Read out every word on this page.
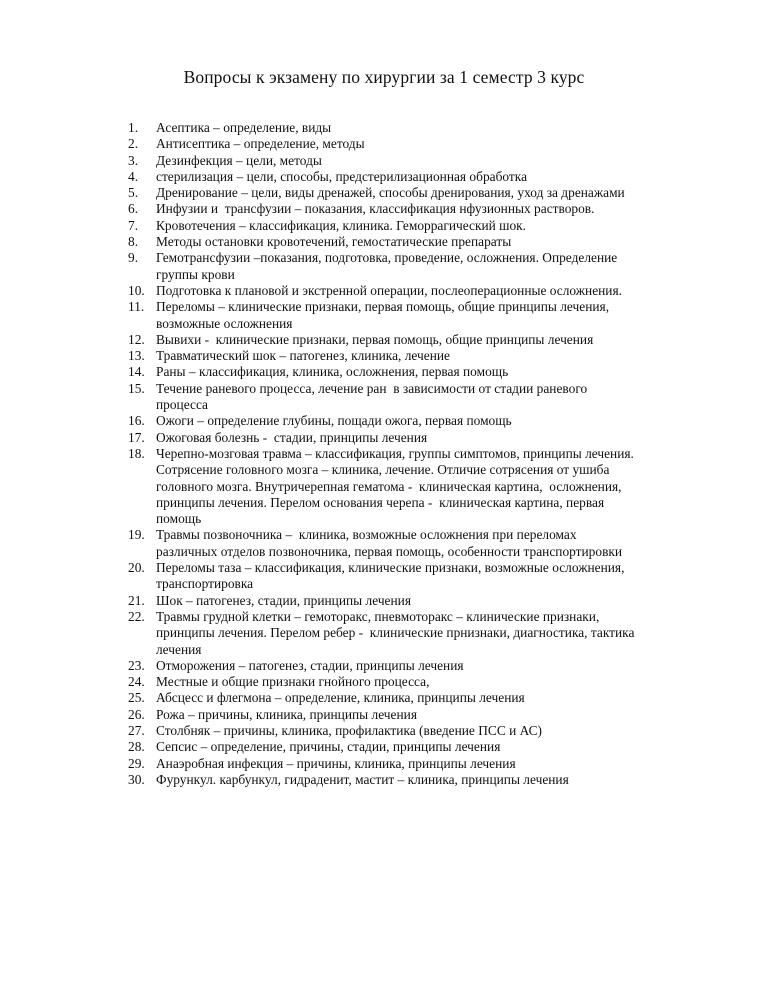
Вопросы к экзамену по хирургии за 1 семестр 3 курс
1.	Асептика – определение, виды
2.	Антисептика – определение, методы
3.	Дезинфекция – цели, методы
4.	стерилизация – цели, способы, предстерилизационная обработка
5.	Дренирование – цели, виды дренажей, способы дренирования, уход за дренажами
6.	Инфузии и  трансфузии – показания, классификация нфузионных растворов.
7.	Кровотечения – классификация, клиника. Геморрагический шок.
8.	Методы остановки кровотечений, гемостатические препараты
9.	Гемотрансфузии –показания, подготовка, проведение, осложнения. Определение
группы крови
10. Подготовка к плановой и экстренной операции, послеоперационные осложнения.
11. Переломы – клинические признаки, первая помощь, общие принципы лечения,
возможные осложнения
12. Вывихи -  клинические признаки, первая помощь, общие принципы лечения
13. Травматический шок – патогенез, клиника, лечение
14. Раны – классификация, клиника, осложнения, первая помощь
15. Течение раневого процесса, лечение ран  в зависимости от стадии раневого
процесса
16. Ожоги – определение глубины, пощади ожога, первая помощь
17. Ожоговая болезнь -  стадии, принципы лечения
18. Черепно-мозговая травма – классификация, группы симптомов, принципы лечения.
Сотрясение головного мозга – клиника, лечение. Отличие сотрясения от ушиба
головного мозга. Внутричерепная гематома -  клиническая картина,  осложнения,
принципы лечения. Перелом основания черепа -  клиническая картина, первая
помощь
19. Травмы позвоночника –  клиника, возможные осложнения при переломах
различных отделов позвоночника, первая помощь, особенности транспортировки
20. Переломы таза – классификация, клинические признаки, возможные осложнения,
транспортировка
21. Шок – патогенез, стадии, принципы лечения
22. Травмы грудной клетки – гемоторакс, пневмоторакс – клинические признаки,
принципы лечения. Перелом ребер -  клинические прнизнаки, диагностика, тактика
лечения
23. Отморожения – патогенез, стадии, принципы лечения
24. Местные и общие признаки гнойного процесса,
25. Абсцесс и флегмона – определение, клиника, принципы лечения
26. Рожа – причины, клиника, принципы лечения
27. Столбняк – причины, клиника, профилактика (введение ПСС и АС)
28. Сепсис – определение, причины, стадии, принципы лечения
29. Анаэробная инфекция – причины, клиника, принципы лечения
30. Фурункул. карбункул, гидраденит, мастит – клиника, принципы лечения
